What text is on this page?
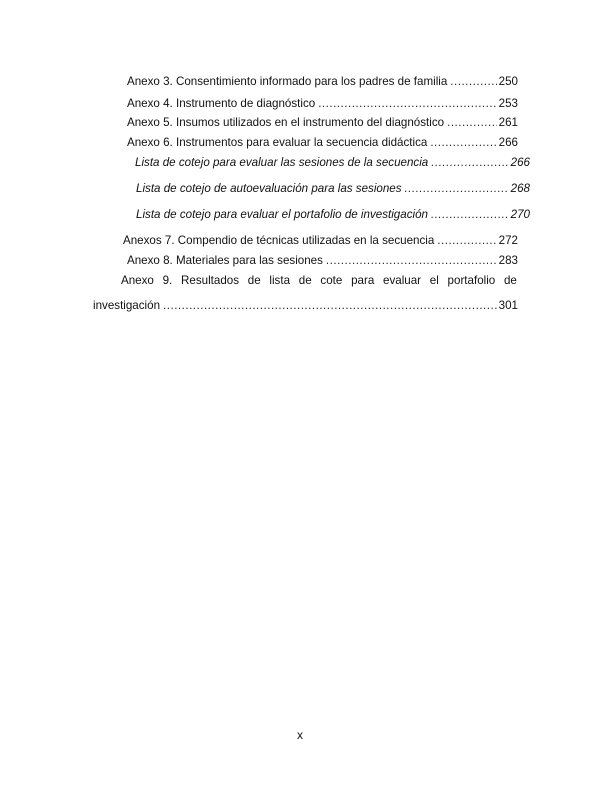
Anexo 3. Consentimiento informado para los padres de familia .....	250
Anexo 4. Instrumento de diagnóstico .....	253
Anexo 5. Insumos utilizados en el instrumento del diagnóstico .....	261
Anexo 6. Instrumentos para evaluar la secuencia didáctica .....	266
Lista de cotejo para evaluar las sesiones de la secuencia .....	266
Lista de cotejo de autoevaluación para las sesiones .....	268
Lista de cotejo para evaluar el portafolio de investigación .....	270
Anexos 7. Compendio de técnicas utilizadas en la secuencia .....	272
Anexo 8. Materiales para las sesiones .....	283
Anexo 9. Resultados de lista de cote para evaluar el portafolio de
investigación .....	301
x
